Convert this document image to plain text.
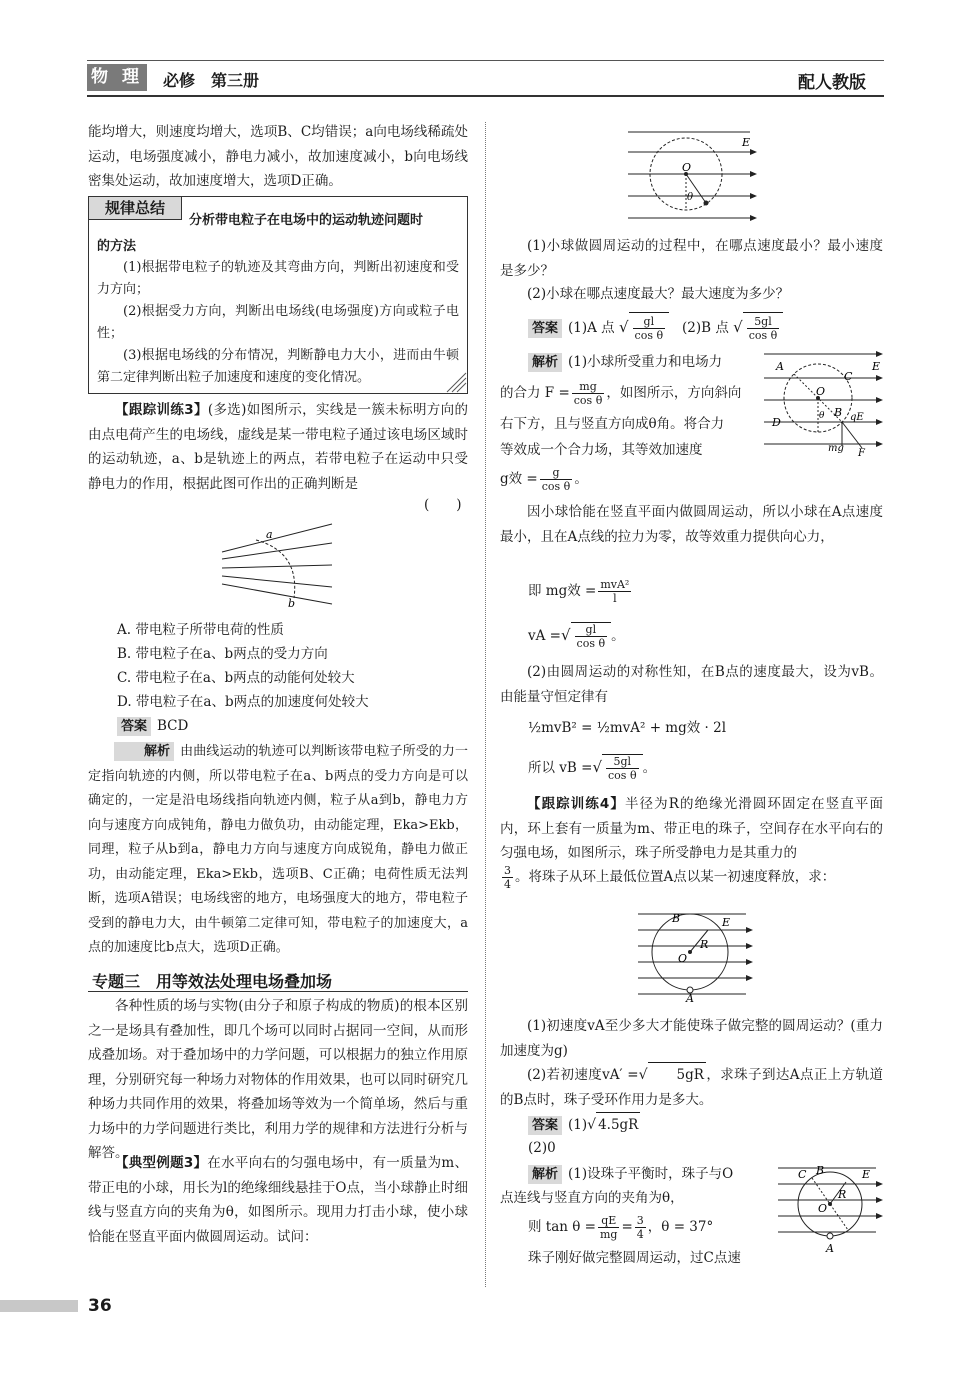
物 理 必修　第三册	配人教版
能均增大，则速度均增大，选项B、C均错误；a向电场线稀疏处运动，电场强度减小，静电力减小，故加速度减小，b向电场线密集处运动，故加速度增大，选项D正确。
规律总结
分析带电粒子在电场中的运动轨迹问题时
的方法
(1)根据带电粒子的轨迹及其弯曲方向，判断出初速度和受力方向；
(2)根据受力方向，判断出电场线(电场强度)方向或粒子电性；
(3)根据电场线的分布情况，判断静电力大小，进而由牛顿第二定律判断出粒子加速度和速度的变化情况。
【跟踪训练3】(多选)如图所示，实线是一簇未标明方向的由点电荷产生的电场线，虚线是某一带电粒子通过该电场区域时的运动轨迹，a、b是轨迹上的两点，若带电粒子在运动中只受静电力的作用，根据此图可作出的正确判断是
(　　)
a
b
A. 带电粒子所带电荷的性质
B. 带电粒子在a、b两点的受力方向
C. 带电粒子在a、b两点的动能何处较大
D. 带电粒子在a、b两点的加速度何处较大
答案 BCD
解析 由曲线运动的轨迹可以判断该带电粒子所受的力一定指向轨迹的内侧，所以带电粒子在a、b两点的受力方向是可以确定的，一定是沿电场线指向轨迹内侧，粒子从a到b，静电力方向与速度方向成钝角，静电力做负功，由动能定理，Eka>Ekb，同理，粒子从b到a，静电力方向与速度方向成锐角，静电力做正功，由动能定理，Eka>Ekb，选项B、C正确；电荷性质无法判断，选项A错误；电场线密的地方，电场强度大的地方，带电粒子受到的静电力大，由牛顿第二定律可知，带电粒子的加速度大，a点的加速度比b点大，选项D正确。
专题三　用等效法处理电场叠加场
各种性质的场与实物(由分子和原子构成的物质)的根本区别之一是场具有叠加性，即几个场可以同时占据同一空间，从而形成叠加场。对于叠加场中的力学问题，可以根据力的独立作用原理，分别研究每一种场力对物体的作用效果，也可以同时研究几种场力共同作用的效果，将叠加场等效为一个简单场，然后与重力场中的力学问题进行类比，利用力学的规律和方法进行分析与解答。
【典型例题3】在水平向右的匀强电场中，有一质量为m、带正电的小球，用长为l的绝缘细线悬挂于O点，当小球静止时细线与竖直方向的夹角为θ，如图所示。现用力打击小球，使小球恰能在竖直平面内做圆周运动。试问：
E
O
θ
(1)小球做圆周运动的过程中，在哪点速度最小？最小速度是多少？
(2)小球在哪点速度最大？最大速度为多少？
答案 (1)A 点 √ $\frac{gl}{\text{cos θ}} (2)B$ 点 √ $\frac{5gl}{\text{cos θ}}$
解析 (1)小球所受重力和电场力
的合力 $F = \frac{mg}{\text{cos θ}}$ ，如图所示，方向斜向
右下方，且与竖直方向成θ角。将合力
等效成一个合力场，其等效加速度
g效 = $\frac{g}{\text{cos θ}}$ 。
A
C
O
B
D
E
qE
mg F
θ
因小球恰能在竖直平面内做圆周运动，所以小球在A点速度最小，且在A点线的拉力为零，故等效重力提供向心力，
即 mg效 = $\frac{\text{mvA²}}{l}$
vA =√ $\frac{gl}{\text{cos θ}}$ 。
(2)由圆周运动的对称性知，在B点的速度最大，设为vB。由能量守恒定律有
½mvB² = ½mvA² + mg效 · 2l
所以 vB =√ $\frac{5gl}{\text{cos θ}}$ 。
【跟踪训练4】半径为R的绝缘光滑圆环固定在竖直平面内，环上套有一质量为m、带正电的珠子，空间存在水平向右的匀强电场，如图所示，珠子所受静电力是其重力的
$\frac{3}{4}$ 。将珠子从环上最低位置A点以某一初速度释放，求：
B	E
R
O
A
(1)初速度vA至少多大才能使珠子做完整的圆周运动？(重力加速度为g)
(2)若初速度vA′ =√ 5gR ，求珠子到达A点正上方轨道的B点时，珠子受环作用力是多大。
答案 (1)√ 4.5gR
(2)0
解析 (1)设珠子平衡时，珠子与O
点连线与竖直方向的夹角为θ，
则 $\tan \theta = \frac{qE}{mg} = \frac{3}{4}$ ，θ = 37°
珠子刚好做完整圆周运动，过C点速
C B	E
R
O
A
36
